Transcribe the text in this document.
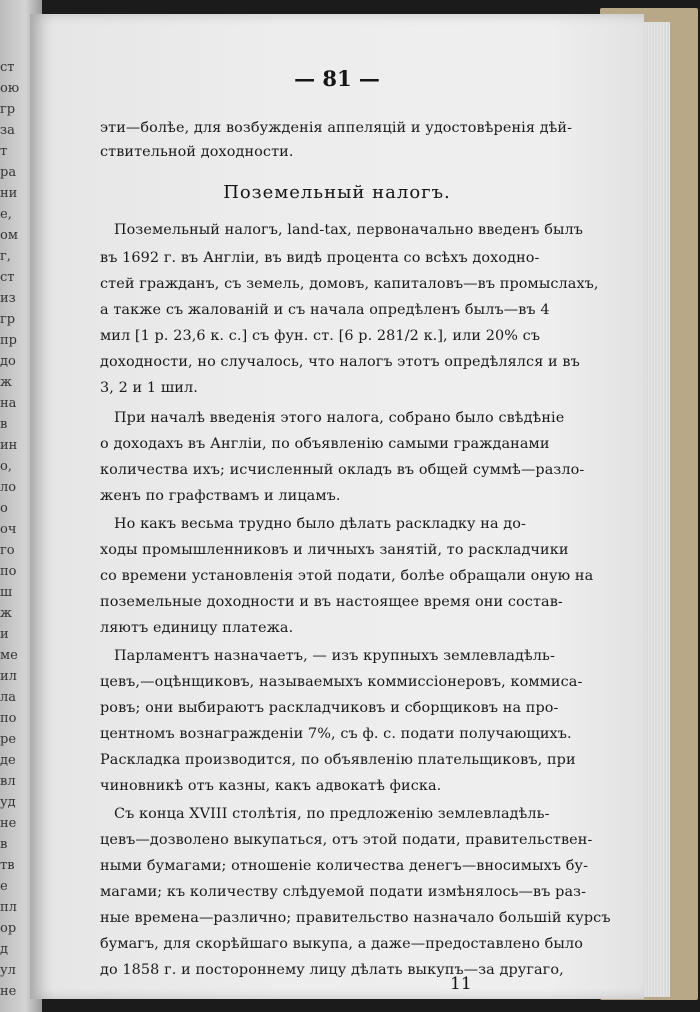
ст
ою
гр
за
т
ра
ни
е,
ом
г,
ст
из
гр
пр
до
ж
на
в
ин
о,
ло
о
оч
го
по
ш
ж
и
ме
ил
ла
по
ре
де
вл
уд
не
в
тв
е
пл
ор
д
ул
не
— 81 —
эти—болѣе, для возбужденія аппеляцій и удостовѣренія дѣй-
ствительной доходности.
Поземельный налогъ.
Поземельный налогъ, land-tax, первоначально введенъ былъ
въ 1692 г. въ Англіи, въ видѣ процента со всѣхъ доходно-
стей гражданъ, съ земель, домовъ, капиталовъ—въ промыслахъ,
а также съ жалованій и съ начала опредѣленъ былъ—въ 4
мил [1 р. 23,6 к. с.] съ фун. ст. [6 р. 281/2 к.], или 20% съ
доходности, но случалось, что налогъ этотъ опредѣлялся и въ
3, 2 и 1 шил.
При началѣ введенія этого налога, собрано было свѣдѣніе
о доходахъ въ Англіи, по объявленію самыми гражданами
количества ихъ; исчисленный окладъ въ общей суммѣ—разло-
женъ по графствамъ и лицамъ.
Но какъ весьма трудно было дѣлать раскладку на до-
ходы промышленниковъ и личныхъ занятій, то раскладчики
со времени установленія этой подати, болѣе обращали оную на
поземельные доходности и въ настоящее время они состав-
ляютъ единицу платежа.
Парламентъ назначаетъ, — изъ крупныхъ землевладѣль-
цевъ,—оцѣнщиковъ, называемыхъ коммиссіонеровъ, коммиса-
ровъ; они выбираютъ раскладчиковъ и сборщиковъ на про-
центномъ вознагражденіи 7%, съ ф. с. подати получающихъ.
Раскладка производится, по объявленію плательщиковъ, при
чиновникѣ отъ казны, какъ адвокатѣ фиска.
Съ конца XVIII столѣтія, по предложенію землевладѣль-
цевъ—дозволено выкупаться, отъ этой подати, правительствен-
ными бумагами; отношеніе количества денегъ—вносимыхъ бу-
магами; къ количеству слѣдуемой подати измѣнялось—въ раз-
ные времена—различно; правительство назначало большій курсъ
бумагъ, для скорѣйшаго выкупа, а даже—предоставлено было
до 1858 г. и постороннему лицу дѣлать выкупъ—за другаго,
11
